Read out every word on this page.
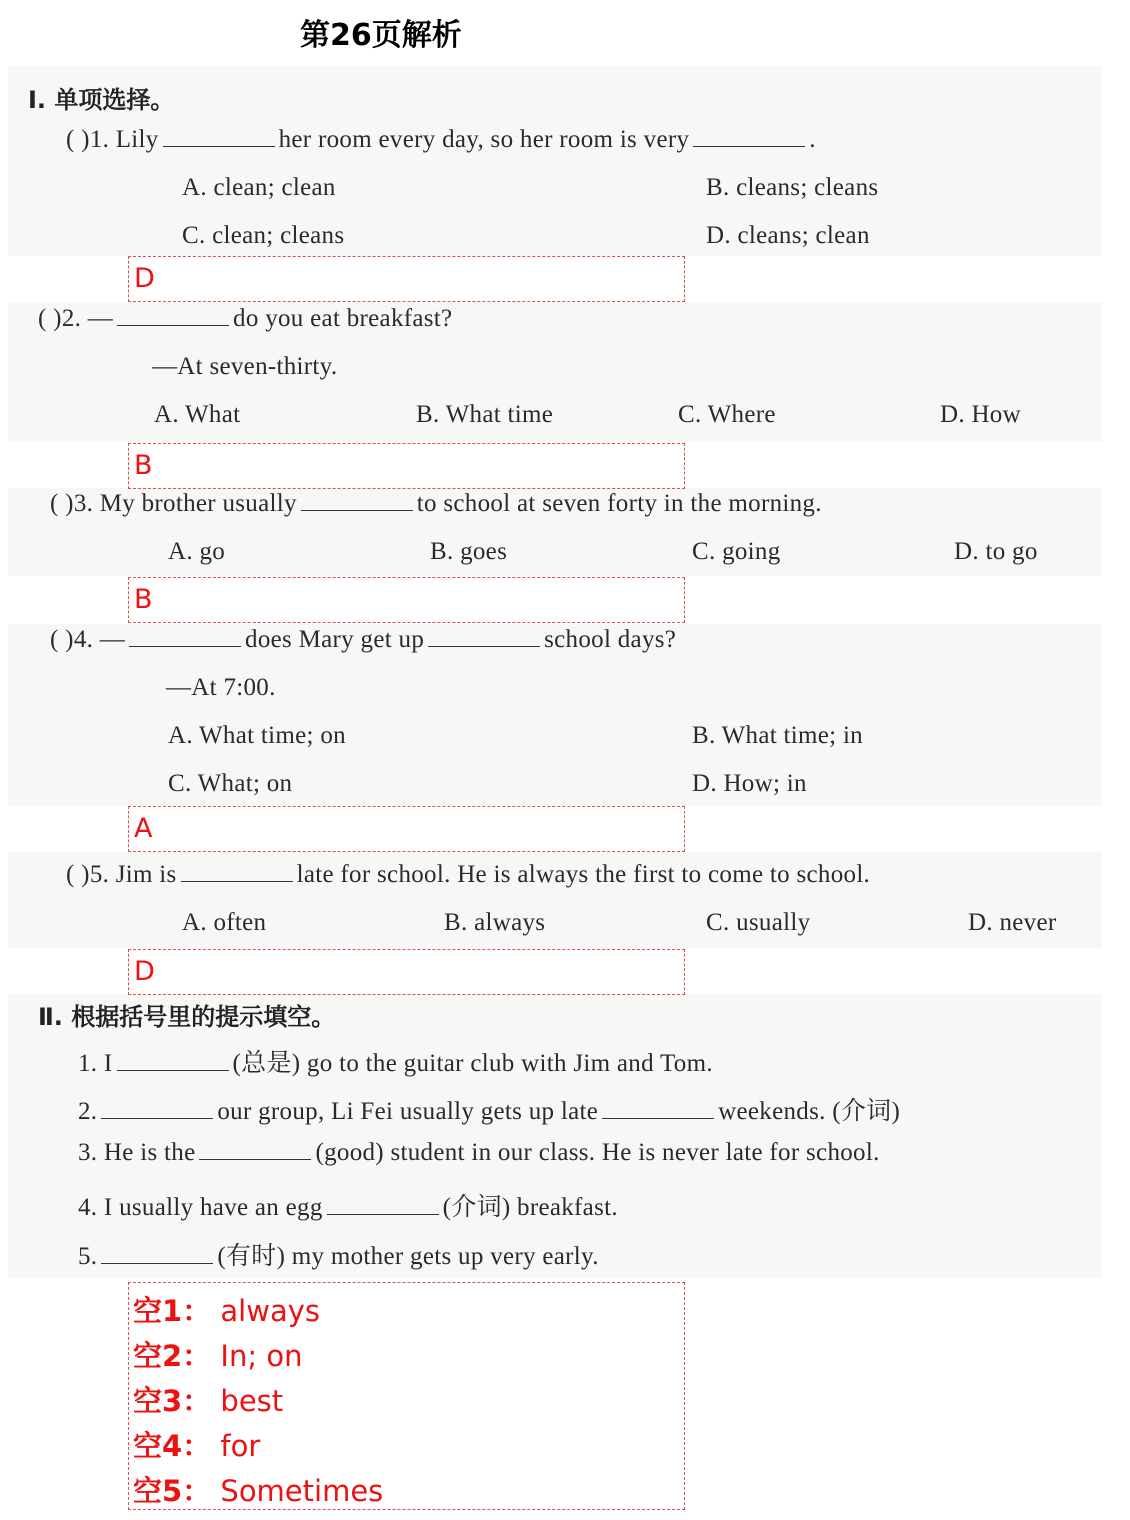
第26页解析
Ⅰ. 单项选择。
( )1. Lily	her room every day, so her room is very	.
A. clean; clean	B. cleans; cleans
C. clean; cleans	D. cleans; clean
D
( )2. —	do you eat breakfast?
—At seven-thirty.
A. What	B. What time	C. Where	D. How
B
( )3. My brother usually	to school at seven forty in the morning.
A. go	B. goes	C. going	D. to go
B
( )4. —	does Mary get up	school days?
—At 7:00.
A. What time; on	B. What time; in
C. What; on	D. How; in
A
( )5. Jim is	late for school. He is always the first to come to school.
A. often	B. always	C. usually	D. never
D
Ⅱ. 根据括号里的提示填空。
1. I	(总是) go to the guitar club with Jim and Tom.
2.	our group, Li Fei usually gets up late	weekends. (介词)
3. He is the	(good) student in our class. He is never late for school.
4. I usually have an egg	(介词) breakfast.
5.	(有时) my mother gets up very early.
空1： always
空2： In; on
空3： best
空4： for
空5： Sometimes
